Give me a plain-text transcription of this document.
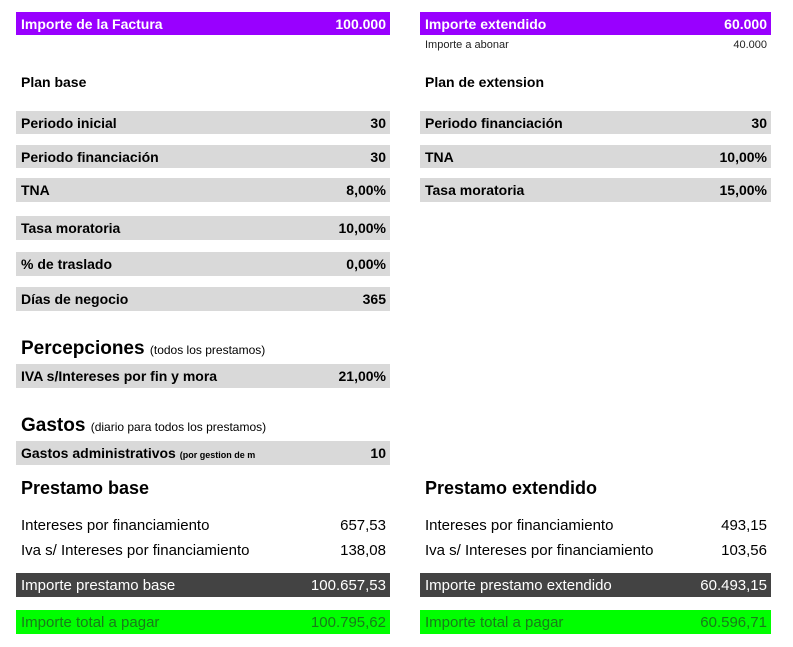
Importe de la Factura	100.000
Plan base
Periodo inicial	30
Periodo financiación	30
TNA	8,00%
Tasa moratoria	10,00%
% de traslado	0,00%
Días de negocio	365
Percepciones (todos los prestamos)
IVA s/Intereses por fin y mora	21,00%
Gastos (diario para todos los prestamos)
Gastos administrativos (por gestion de m	10
Prestamo base
Intereses por financiamiento	657,53
Iva s/ Intereses por financiamiento	138,08
Importe prestamo base	100.657,53
Importe total a pagar	100.795,62
Importe extendido	60.000
Importe a abonar	40.000
Plan de extension
Periodo financiación	30
TNA	10,00%
Tasa moratoria	15,00%
Prestamo extendido
Intereses por financiamiento	493,15
Iva s/ Intereses por financiamiento	103,56
Importe prestamo extendido	60.493,15
Importe total a pagar	60.596,71
